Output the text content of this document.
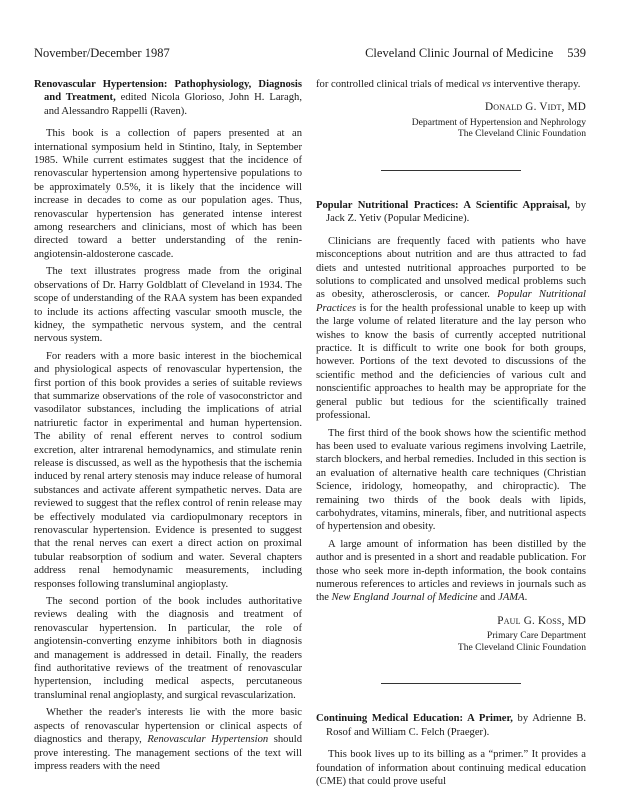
November/December 1987	Cleveland Clinic Journal of Medicine 539
Renovascular Hypertension: Pathophysiology, Diagnosis and Treatment, edited Nicola Glorioso, John H. Laragh, and Alessandro Rappelli (Raven).

This book is a collection of papers presented at an international symposium held in Stintino, Italy, in September 1985. While current estimates suggest that the incidence of renovascular hypertension among hypertensive populations to be approximately 0.5%, it is likely that the incidence will increase in decades to come as our population ages. Thus, renovascular hypertension has generated intense interest among researchers and clinicians, most of which has been directed toward a better understanding of the renin-angiotensin-aldosterone cascade.

The text illustrates progress made from the original observations of Dr. Harry Goldblatt of Cleveland in 1934. The scope of understanding of the RAA system has been expanded to include its actions affecting vascular smooth muscle, the kidney, the sympathetic nervous system, and the central nervous system.

For readers with a more basic interest in the biochemical and physiological aspects of renovascular hypertension, the first portion of this book provides a series of suitable reviews that summarize observations of the role of vasoconstrictor and vasodilator substances, including the implications of atrial natriuretic factor in experimental and human hypertension. The ability of renal efferent nerves to control sodium excretion, alter intrarenal hemodynamics, and stimulate renin release is discussed, as well as the hypothesis that the ischemia induced by renal artery stenosis may induce release of humoral substances and activate afferent sympathetic nerves. Data are reviewed to suggest that the reflex control of renin release may be effectively modulated via cardiopulmonary receptors in renovascular hypertension. Evidence is presented to suggest that the renal nerves can exert a direct action on proximal tubular reabsorption of sodium and water. Several chapters address renal hemodynamic measurements, including responses following transluminal angioplasty.

The second portion of the book includes authoritative reviews dealing with the diagnosis and treatment of renovascular hypertension. In particular, the role of angiotensin-converting enzyme inhibitors both in diagnosis and management is addressed in detail. Finally, the readers find authoritative reviews of the treatment of renovascular hypertension, including medical aspects, percutaneous transluminal renal angioplasty, and surgical revascularization.

Whether the reader's interests lie with the more basic aspects of renovascular hypertension or clinical aspects of diagnostics and therapy, Renovascular Hypertension should prove interesting. The management sections of the text will impress readers with the need

for controlled clinical trials of medical vs interventive therapy.

Donald G. Vidt, MD
Department of Hypertension and Nephrology
The Cleveland Clinic Foundation
Popular Nutritional Practices: A Scientific Appraisal, by Jack Z. Yetiv (Popular Medicine).

Clinicians are frequently faced with patients who have misconceptions about nutrition and are thus attracted to fad diets and untested nutritional approaches purported to be solutions to complicated and unsolved medical problems such as obesity, atherosclerosis, or cancer. Popular Nutritional Practices is for the health professional unable to keep up with the large volume of related literature and the lay person who wishes to know the basis of currently accepted nutritional practice. It is difficult to write one book for both groups, however. Portions of the text devoted to discussions of the scientific method and the deficiencies of various cult and nonscientific approaches to health may be appropriate for the general public but tedious for the scientifically trained professional.

The first third of the book shows how the scientific method has been used to evaluate various regimens involving Laetrile, starch blockers, and herbal remedies. Included in this section is an evaluation of alternative health care techniques (Christian Science, iridology, homeopathy, and chiropractic). The remaining two thirds of the book deals with lipids, carbohydrates, vitamins, minerals, fiber, and nutritional aspects of hypertension and obesity.

A large amount of information has been distilled by the author and is presented in a short and readable publication. For those who seek more in-depth information, the book contains numerous references to articles and reviews in journals such as the New England Journal of Medicine and JAMA.

Paul G. Koss, MD
Primary Care Department
The Cleveland Clinic Foundation
Continuing Medical Education: A Primer, by Adrienne B. Rosof and William C. Felch (Praeger).

This book lives up to its billing as a “primer.” It provides a foundation of information about continuing medical education (CME) that could prove useful
